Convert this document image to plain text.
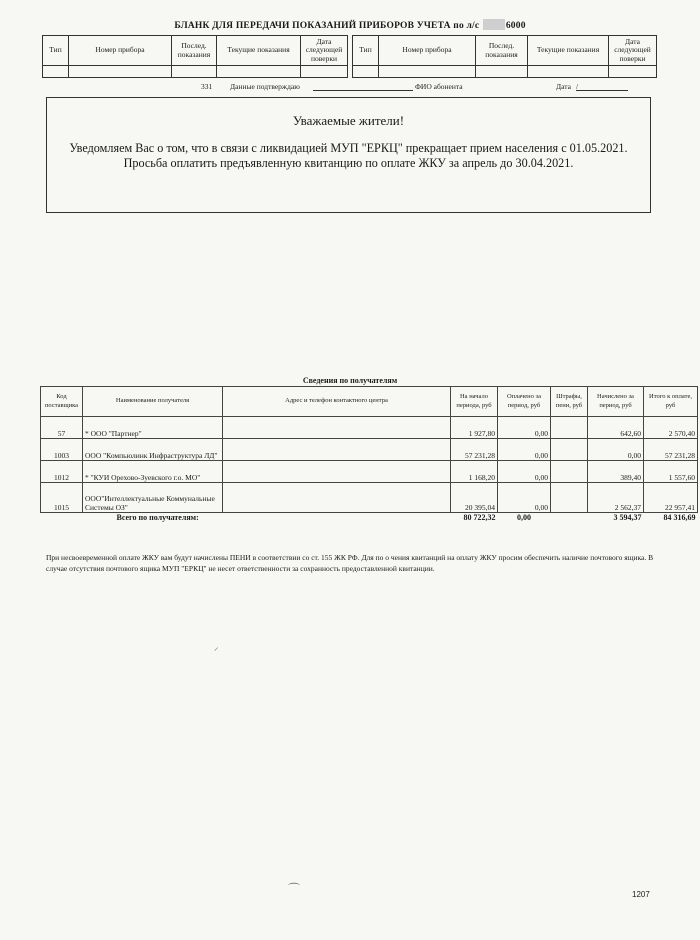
БЛАНК ДЛЯ ПЕРЕДАЧИ ПОКАЗАНИЙ ПРИБОРОВ УЧЕТА по л/с	6000
Тип	Номер прибора	Послед. показания	Текущие показания	Дата следующей поверки

Тип	Номер прибора	Послед. показания	Текущие показания	Дата следующей поверки

331 Данные подтверждаю	ФИО абонента	Дата /
Уважаемые жители!
Уведомляем Вас о том, что в связи с ликвидацией МУП "ЕРКЦ" прекращает прием населения с 01.05.2021.
Просьба оплатить предъявленную квитанцию по оплате ЖКУ за апрель до 30.04.2021.
Сведения по получателям
Код поставщика	Наименование получателя	Адрес и телефон контактного центра	На начало периода, руб	Оплачено за период, руб	Штрафы, пени, руб	Начислено за период, руб	Итого к оплате, руб
57	* ООО "Партнер"		1 927,80	0,00		642,60	2 570,40
1003	ООО "Компьюлинк Инфраструктура ЛД"		57 231,28	0,00		0,00	57 231,28
1012	* "КУИ Орехово-Зуевского г.о. МО"		1 168,20	0,00		389,40	1 557,60
1015	ООО"Интеллектуальные Коммунальные Системы ОЗ"		20 395,04	0,00		2 562,37	22 957,41
Всего по получателям:			80 722,32	0,00		3 594,37	84 316,69
При несвоевременной оплате ЖКУ вам будут начислены ПЕНИ в соответствии со ст. 155 ЖК РФ. Для по о чения квитанций на оплату ЖКУ просим обеспечить наличие почтового ящика. В случае отсутствия почтового ящика МУП "ЕРКЦ" не несет ответственности за сохранность предоставленной квитанции.
⸝
⌒	1207
